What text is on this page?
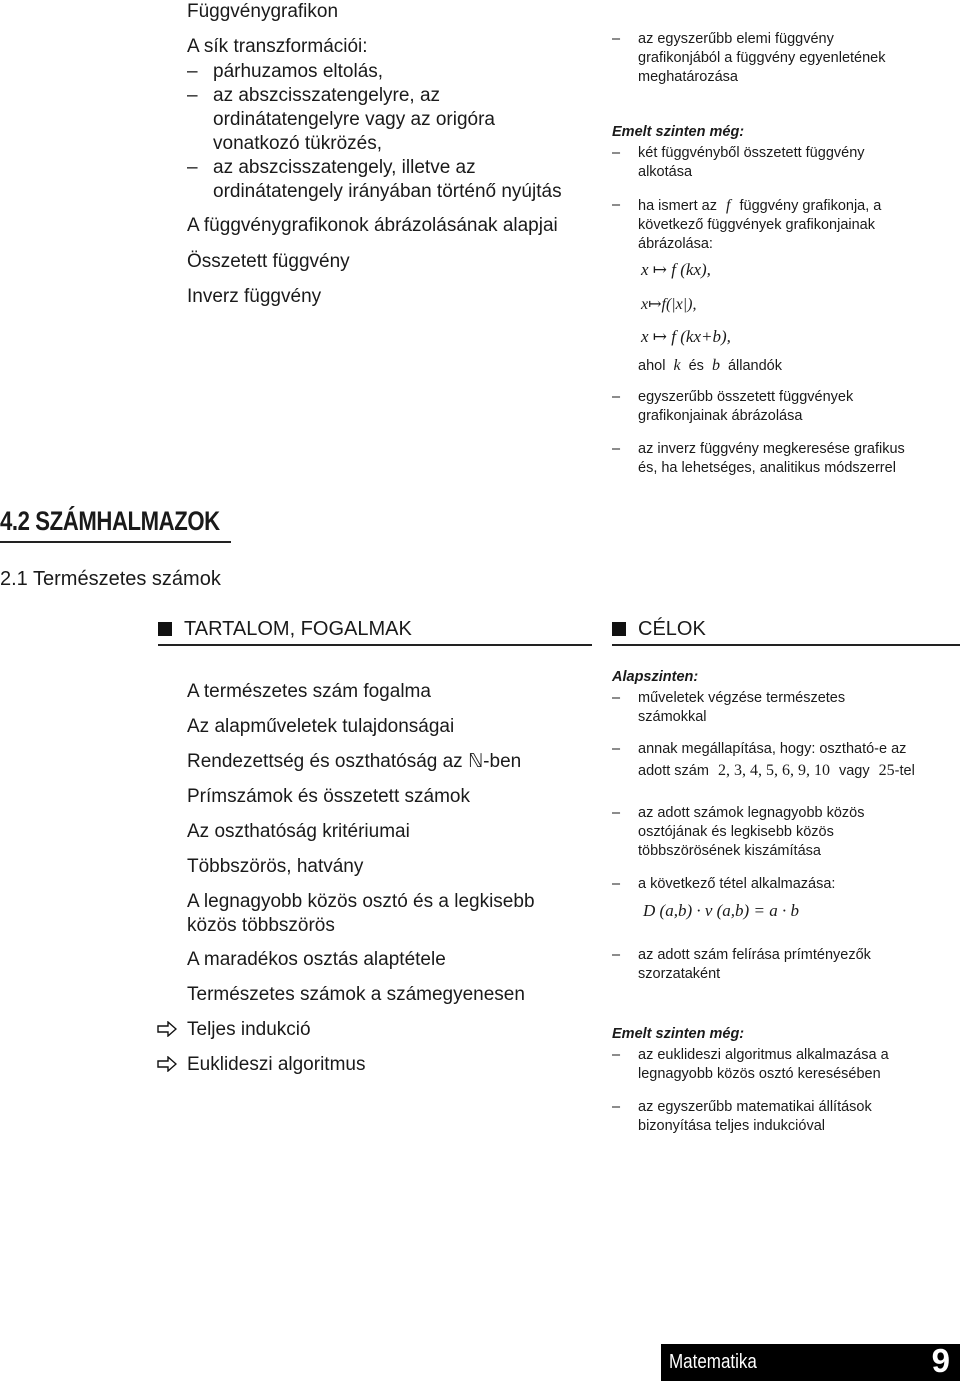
Függvénygrafikon
A sík transzformációi:
– párhuzamos eltolás,
– az abszcisszatengelyre, az
ordinátatengelyre vagy az origóra
vonatkozó tükrözés,
– az abszcisszatengely, illetve az
ordinátatengely irányában történő nyújtás
A függvénygrafikonok ábrázolásának alapjai
Összetett függvény
Inverz függvény
– az egyszerűbb elemi függvény
grafikonjából a függvény egyenletének
meghatározása
Emelt szinten még:
– két függvényből összetett függvény
alkotása
– ha ismert az f függvény grafikonja, a
következő függvények grafikonjainak
ábrázolása:
x ↦ f (kx),
x↦f(|x|),
x ↦ f (kx+b),
ahol k és b állandók
– egyszerűbb összetett függvények
grafikonjainak ábrázolása
– az inverz függvény megkeresése grafikus
és, ha lehetséges, analitikus módszerrel
4.2 SZÁMHALMAZOK
2.1 Természetes számok
TARTALOM, FOGALMAK
A természetes szám fogalma
Az alapműveletek tulajdonságai
Rendezettség és oszthatóság az ℕ-ben
Prímszámok és összetett számok
Az oszthatóság kritériumai
Többszörös, hatvány
A legnagyobb közös osztó és a legkisebb
közös többszörös
A maradékos osztás alaptétele
Természetes számok a számegyenesen
Teljes indukció
Euklideszi algoritmus
CÉLOK
Alapszinten:
– műveletek végzése természetes
számokkal
– annak megállapítása, hogy: osztható-e az
adott szám 2, 3, 4, 5, 6, 9, 10 vagy 25-tel
– az adott számok legnagyobb közös
osztójának és legkisebb közös
többszörösének kiszámítása
– a következő tétel alkalmazása:
D (a,b) · v (a,b) = a · b
– az adott szám felírása prímtényezők
szorzataként
Emelt szinten még:
– az euklideszi algoritmus alkalmazása a
legnagyobb közös osztó keresésében
– az egyszerűbb matematikai állítások
bizonyítása teljes indukcióval
Matematika	9
